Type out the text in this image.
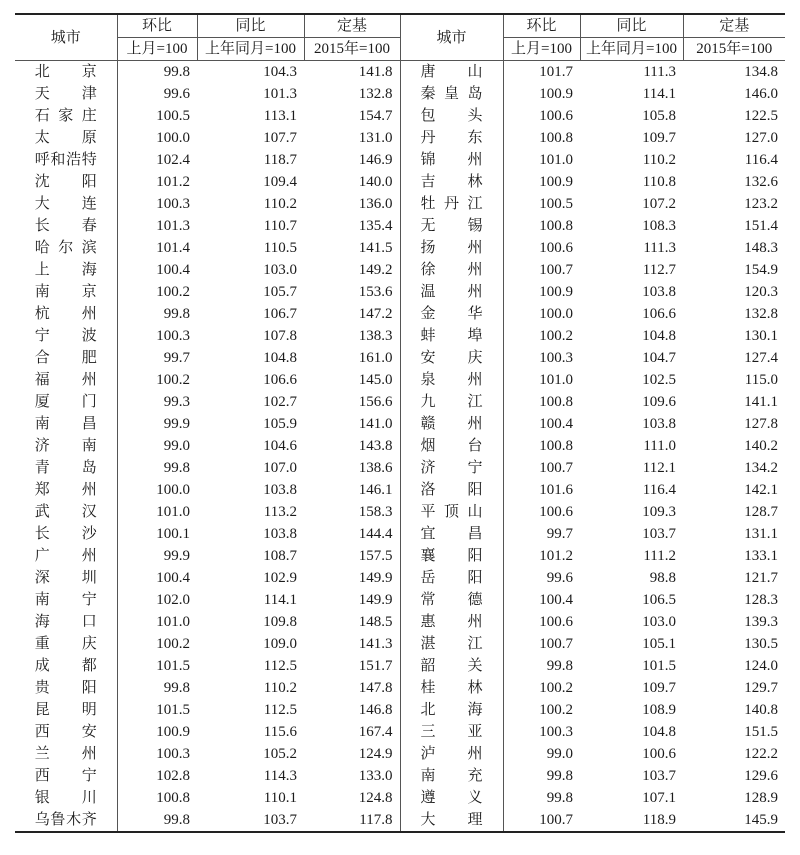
城市	环比	同比	定基	城市	环比	同比	定基
	上月=100	上年同月=100	2015年=100		上月=100	上年同月=100	2015年=100
北京	99.8	104.3	141.8	唐山	101.7	111.3	134.8
天津	99.6	101.3	132.8	秦皇岛	100.9	114.1	146.0
石家庄	100.5	113.1	154.7	包头	100.6	105.8	122.5
太原	100.0	107.7	131.0	丹东	100.8	109.7	127.0
呼和浩特	102.4	118.7	146.9	锦州	101.0	110.2	116.4
沈阳	101.2	109.4	140.0	吉林	100.9	110.8	132.6
大连	100.3	110.2	136.0	牡丹江	100.5	107.2	123.2
长春	101.3	110.7	135.4	无锡	100.8	108.3	151.4
哈尔滨	101.4	110.5	141.5	扬州	100.6	111.3	148.3
上海	100.4	103.0	149.2	徐州	100.7	112.7	154.9
南京	100.2	105.7	153.6	温州	100.9	103.8	120.3
杭州	99.8	106.7	147.2	金华	100.0	106.6	132.8
宁波	100.3	107.8	138.3	蚌埠	100.2	104.8	130.1
合肥	99.7	104.8	161.0	安庆	100.3	104.7	127.4
福州	100.2	106.6	145.0	泉州	101.0	102.5	115.0
厦门	99.3	102.7	156.6	九江	100.8	109.6	141.1
南昌	99.9	105.9	141.0	赣州	100.4	103.8	127.8
济南	99.0	104.6	143.8	烟台	100.8	111.0	140.2
青岛	99.8	107.0	138.6	济宁	100.7	112.1	134.2
郑州	100.0	103.8	146.1	洛阳	101.6	116.4	142.1
武汉	101.0	113.2	158.3	平顶山	100.6	109.3	128.7
长沙	100.1	103.8	144.4	宜昌	99.7	103.7	131.1
广州	99.9	108.7	157.5	襄阳	101.2	111.2	133.1
深圳	100.4	102.9	149.9	岳阳	99.6	98.8	121.7
南宁	102.0	114.1	149.9	常德	100.4	106.5	128.3
海口	101.0	109.8	148.5	惠州	100.6	103.0	139.3
重庆	100.2	109.0	141.3	湛江	100.7	105.1	130.5
成都	101.5	112.5	151.7	韶关	99.8	101.5	124.0
贵阳	99.8	110.2	147.8	桂林	100.2	109.7	129.7
昆明	101.5	112.5	146.8	北海	100.2	108.9	140.8
西安	100.9	115.6	167.4	三亚	100.3	104.8	151.5
兰州	100.3	105.2	124.9	泸州	99.0	100.6	122.2
西宁	102.8	114.3	133.0	南充	99.8	103.7	129.6
银川	100.8	110.1	124.8	遵义	99.8	107.1	128.9
乌鲁木齐	99.8	103.7	117.8	大理	100.7	118.9	145.9
